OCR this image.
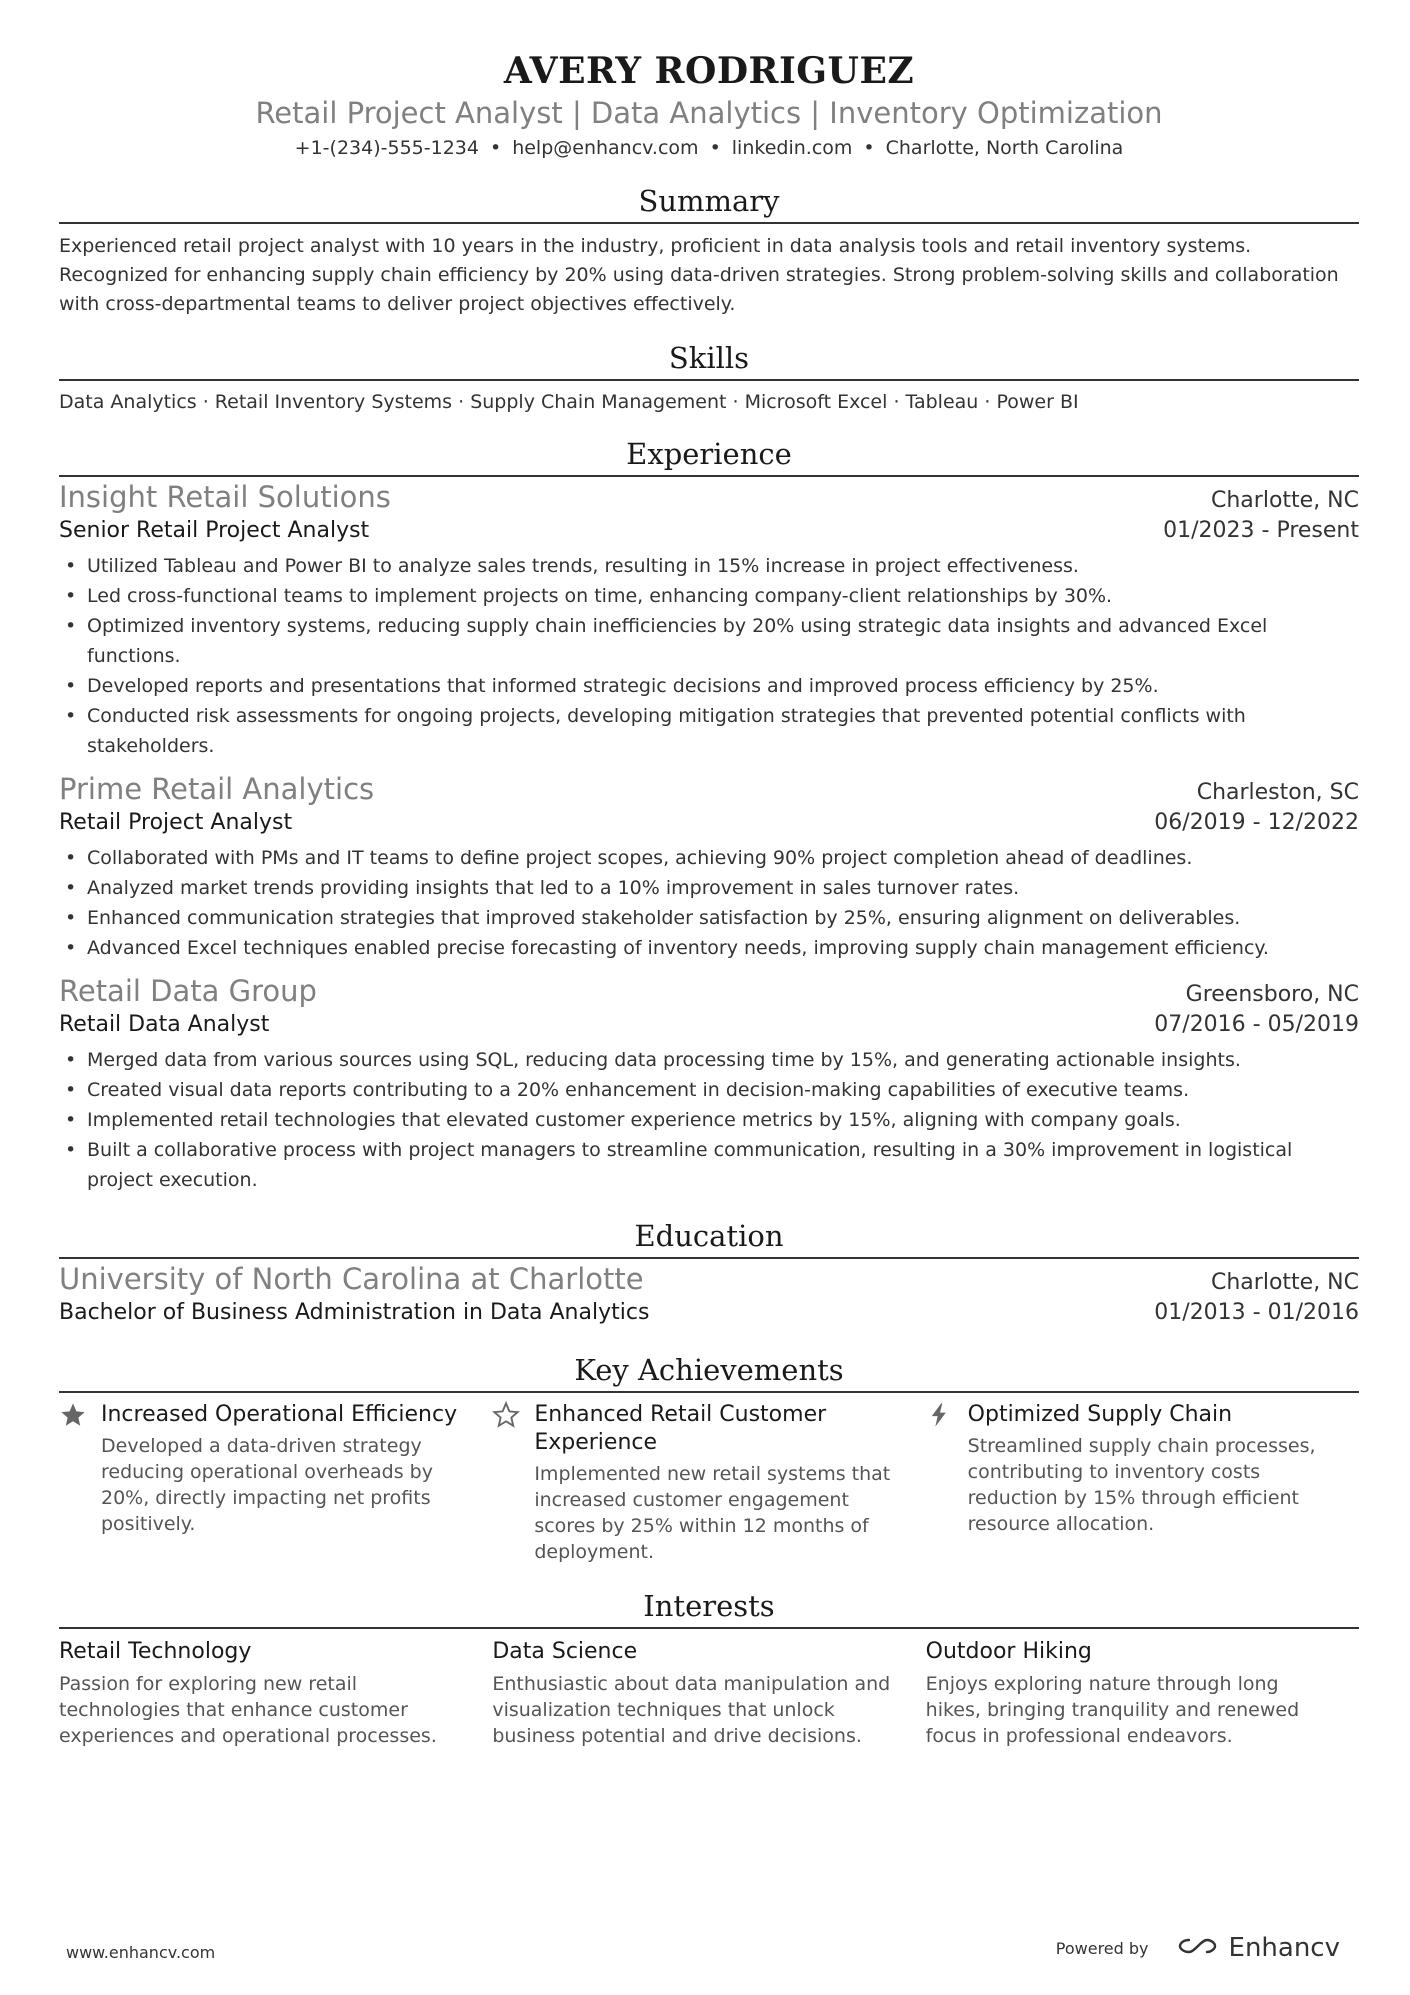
AVERY RODRIGUEZ
Retail Project Analyst | Data Analytics | Inventory Optimization
+1-(234)-555-1234 • help@enhancv.com • linkedin.com • Charlotte, North Carolina
Summary
Experienced retail project analyst with 10 years in the industry, proficient in data analysis tools and retail inventory systems. Recognized for enhancing supply chain efficiency by 20% using data-driven strategies. Strong problem-solving skills and collaboration with cross-departmental teams to deliver project objectives effectively.
Skills
Data Analytics · Retail Inventory Systems · Supply Chain Management · Microsoft Excel · Tableau · Power BI
Experience
Insight Retail Solutions	Charlotte, NC
Senior Retail Project Analyst	01/2023 - Present
• Utilized Tableau and Power BI to analyze sales trends, resulting in 15% increase in project effectiveness.
• Led cross-functional teams to implement projects on time, enhancing company-client relationships by 30%.
• Optimized inventory systems, reducing supply chain inefficiencies by 20% using strategic data insights and advanced Excel functions.
• Developed reports and presentations that informed strategic decisions and improved process efficiency by 25%.
• Conducted risk assessments for ongoing projects, developing mitigation strategies that prevented potential conflicts with stakeholders.
Prime Retail Analytics	Charleston, SC
Retail Project Analyst	06/2019 - 12/2022
• Collaborated with PMs and IT teams to define project scopes, achieving 90% project completion ahead of deadlines.
• Analyzed market trends providing insights that led to a 10% improvement in sales turnover rates.
• Enhanced communication strategies that improved stakeholder satisfaction by 25%, ensuring alignment on deliverables.
• Advanced Excel techniques enabled precise forecasting of inventory needs, improving supply chain management efficiency.
Retail Data Group	Greensboro, NC
Retail Data Analyst	07/2016 - 05/2019
• Merged data from various sources using SQL, reducing data processing time by 15%, and generating actionable insights.
• Created visual data reports contributing to a 20% enhancement in decision-making capabilities of executive teams.
• Implemented retail technologies that elevated customer experience metrics by 15%, aligning with company goals.
• Built a collaborative process with project managers to streamline communication, resulting in a 30% improvement in logistical project execution.
Education
University of North Carolina at Charlotte	Charlotte, NC
Bachelor of Business Administration in Data Analytics	01/2013 - 01/2016
Key Achievements
Increased Operational Efficiency
Developed a data-driven strategy reducing operational overheads by 20%, directly impacting net profits positively.
Enhanced Retail Customer Experience
Implemented new retail systems that increased customer engagement scores by 25% within 12 months of deployment.
Optimized Supply Chain
Streamlined supply chain processes, contributing to inventory costs reduction by 15% through efficient resource allocation.
Interests
Retail Technology
Passion for exploring new retail technologies that enhance customer experiences and operational processes.
Data Science
Enthusiastic about data manipulation and visualization techniques that unlock business potential and drive decisions.
Outdoor Hiking
Enjoys exploring nature through long hikes, bringing tranquility and renewed focus in professional endeavors.
www.enhancv.com	Powered by	Enhancv
